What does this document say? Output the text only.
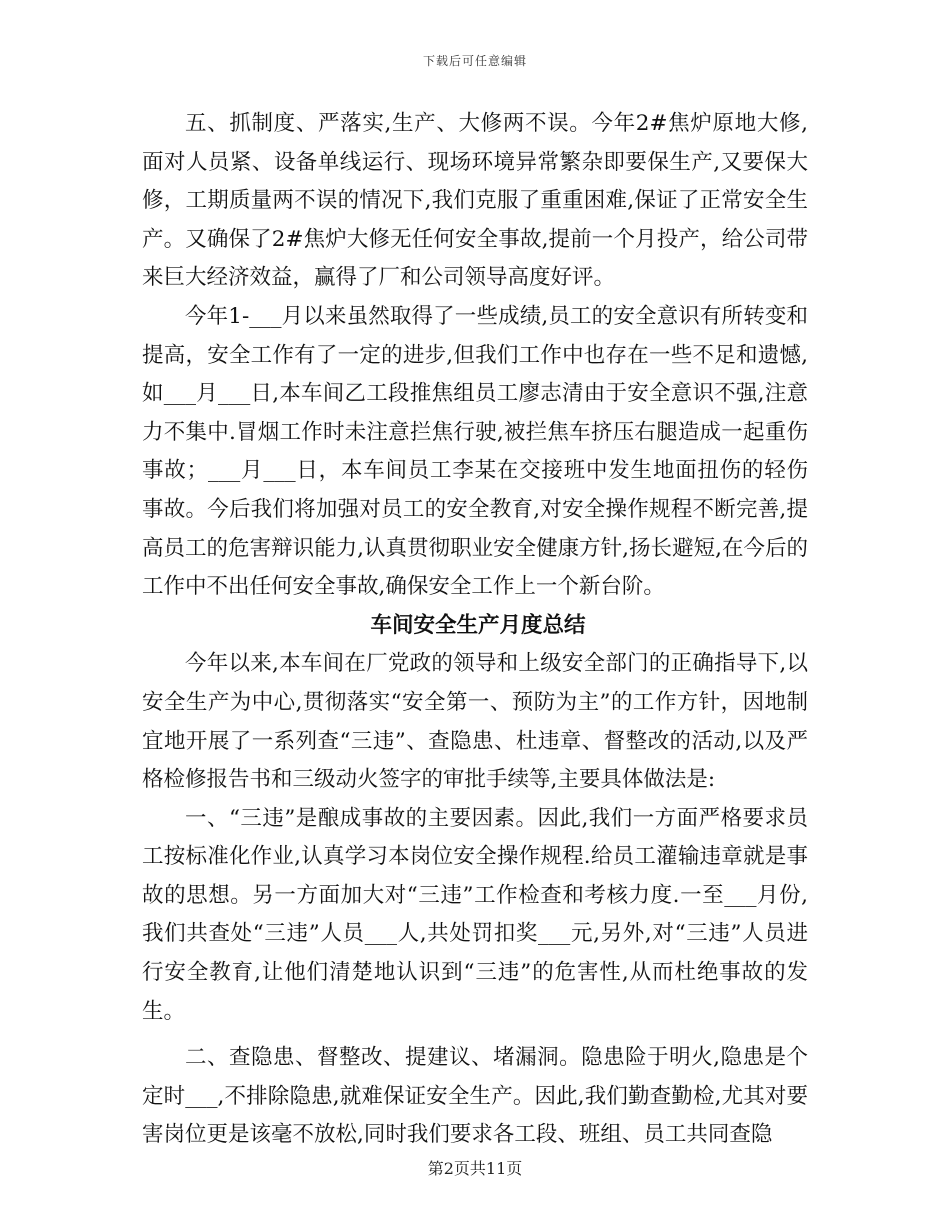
下载后可任意编辑

五、抓制度、严落实,生产、大修两不误。今年2#焦炉原地大修,面对人员紧、设备单线运行、现场环境异常繁杂即要保生产,又要保大修，工期质量两不误的情况下,我们克服了重重困难,保证了正常安全生产。又确保了2#焦炉大修无任何安全事故,提前一个月投产，给公司带来巨大经济效益，赢得了厂和公司领导高度好评。

今年1-___月以来虽然取得了一些成绩,员工的安全意识有所转变和提高，安全工作有了一定的进步,但我们工作中也存在一些不足和遗憾,如___月___日,本车间乙工段推焦组员工廖志清由于安全意识不强,注意力不集中.冒烟工作时未注意拦焦行驶,被拦焦车挤压右腿造成一起重伤事故；___月___日，本车间员工李某在交接班中发生地面扭伤的轻伤事故。今后我们将加强对员工的安全教育,对安全操作规程不断完善,提高员工的危害辩识能力,认真贯彻职业安全健康方针,扬长避短,在今后的工作中不出任何安全事故,确保安全工作上一个新台阶。

车间安全生产月度总结

今年以来,本车间在厂党政的领导和上级安全部门的正确指导下,以安全生产为中心,贯彻落实“安全第一、预防为主”的工作方针，因地制宜地开展了一系列查“三违”、查隐患、杜违章、督整改的活动,以及严格检修报告书和三级动火签字的审批手续等,主要具体做法是:

一、“三违”是酿成事故的主要因素。因此,我们一方面严格要求员工按标准化作业,认真学习本岗位安全操作规程.给员工灌输违章就是事故的思想。另一方面加大对“三违”工作检查和考核力度.一至___月份,我们共查处“三违”人员___人,共处罚扣奖___元,另外,对“三违”人员进行安全教育,让他们清楚地认识到“三违”的危害性,从而杜绝事故的发生。

二、查隐患、督整改、提建议、堵漏洞。隐患险于明火,隐患是个定时___,不排除隐患,就难保证安全生产。因此,我们勤查勤检,尤其对要害岗位更是该毫不放松,同时我们要求各工段、班组、员工共同查隐

第2页共11页
